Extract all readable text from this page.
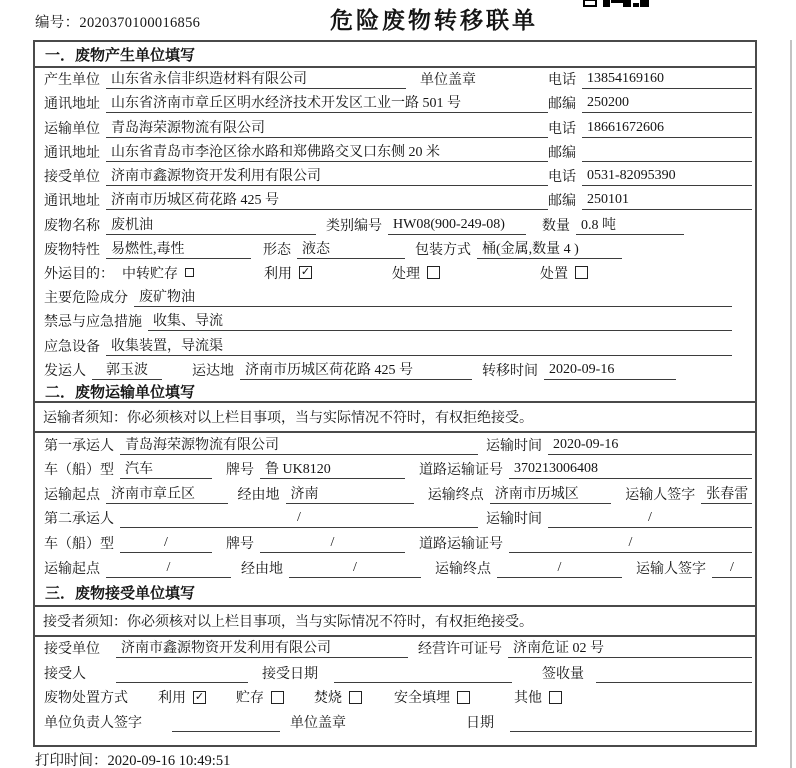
编号：2020370100016856	危险废物转移联单
一．废物产生单位填写
产生单位 山东省永信非织造材料有限公司	单位盖章	电话 13854169160
通讯地址 山东省济南市章丘区明水经济技术开发区工业一路 501 号	邮编 250200
运输单位 青岛海荣源物流有限公司	电话 18661672606
通讯地址 山东省青岛市李沧区徐水路和郑佛路交叉口东侧 20 米	邮编
接受单位 济南市鑫源物资开发利用有限公司	电话 0531-82095390
通讯地址 济南市历城区荷花路 425 号	邮编 250101
废物名称 废机油	类别编号 HW08(900-249-08)	数量 0.8 吨
废物特性 易燃性,毒性	形态 液态	包装方式 桶(金属,数量 4 )
外运目的： 中转贮存	利用 ✓	处理	处置
主要危险成分 废矿物油
禁忌与应急措施 收集、导流
应急设备 收集装置，导流渠
发运人	郭玉波	运达地 济南市历城区荷花路 425 号	转移时间 2020-09-16
二．废物运输单位填写
运输者须知：你必须核对以上栏目事项，当与实际情况不符时，有权拒绝接受。
第一承运人 青岛海荣源物流有限公司	运输时间 2020-09-16
车（船）型 汽车	牌号 鲁 UK8120	道路运输证号 370213006408
运输起点 济南市章丘区	经由地 济南	运输终点 济南市历城区	运输人签字 张春雷
第二承运人	/	运输时间	/
车（船）型	/	牌号	/	道路运输证号	/
运输起点	/	经由地	/	运输终点	/	运输人签字	/
三．废物接受单位填写
接受者须知：你必须核对以上栏目事项，当与实际情况不符时，有权拒绝接受。
接受单位	济南市鑫源物资开发利用有限公司	经营许可证号 济南危证 02 号
接受人	接受日期	签收量
废物处置方式 利用 ✓ 贮存	焚烧	安全填埋	其他
单位负责人签字	单位盖章	日期
打印时间：2020-09-16 10:49:51
